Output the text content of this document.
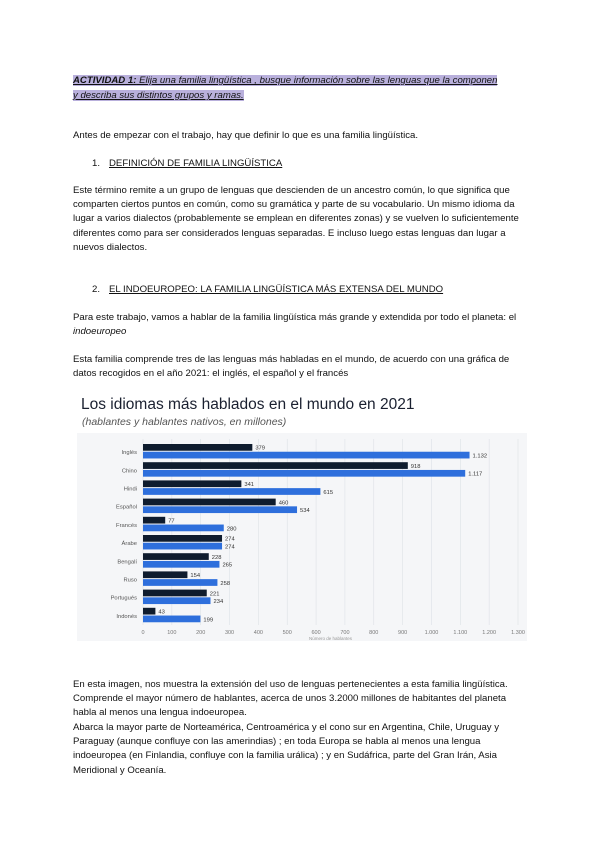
ACTIVIDAD 1: Elija una familia lingüística , busque información sobre las lenguas que la componen y describa sus distintos grupos y ramas.
Antes de empezar con el trabajo, hay que definir lo que es una familia lingüística.
1. DEFINICIÓN DE FAMILIA LINGÜÍSTICA
Este término remite a un grupo de lenguas que descienden de un ancestro común, lo que significa que comparten ciertos puntos en común, como su gramática y parte de su vocabulario. Un mismo idioma da lugar a varios dialectos (probablemente se emplean en diferentes zonas) y se vuelven lo suficientemente diferentes como para ser considerados lenguas separadas. E incluso luego estas lenguas dan lugar a nuevos dialectos.
2. EL INDOEUROPEO: LA FAMILIA LINGÜÍSTICA MÁS EXTENSA DEL MUNDO
Para este trabajo, vamos a hablar de la familia lingüística más grande y extendida por todo el planeta: el indoeuropeo
Esta familia comprende tres de las lenguas más habladas en el mundo, de acuerdo con una gráfica de datos recogidos en el año 2021: el inglés, el español y el francés
Los idiomas más hablados en el mundo en 2021
(hablantes y hablantes nativos, en millones)
0	100	200	300	400	500	600	700	800	900	1.000	1.100	1.200	1.300
Número de hablantes
Inglés
379
1.132
Chino
918
1.117
Hindi
341
615
Español
460
534
Francés
77
280
Árabe
274
274
Bengalí
228
265
Ruso
154
258
Portugués
221
234
Indonés
43
199
En esta imagen, nos muestra la extensión del uso de lenguas pertenecientes a esta familia lingüística. Comprende el mayor número de hablantes, acerca de unos 3.2000 millones de habitantes del planeta habla al menos una lengua indoeuropea.
Abarca la mayor parte de Norteamérica, Centroamérica y el cono sur en Argentina, Chile, Uruguay y Paraguay (aunque confluye con las amerindias) ; en toda Europa se habla al menos una lengua indoeuropea (en Finlandia, confluye con la familia urálica) ; y en Sudáfrica, parte del Gran Irán, Asia Meridional y Oceanía.
